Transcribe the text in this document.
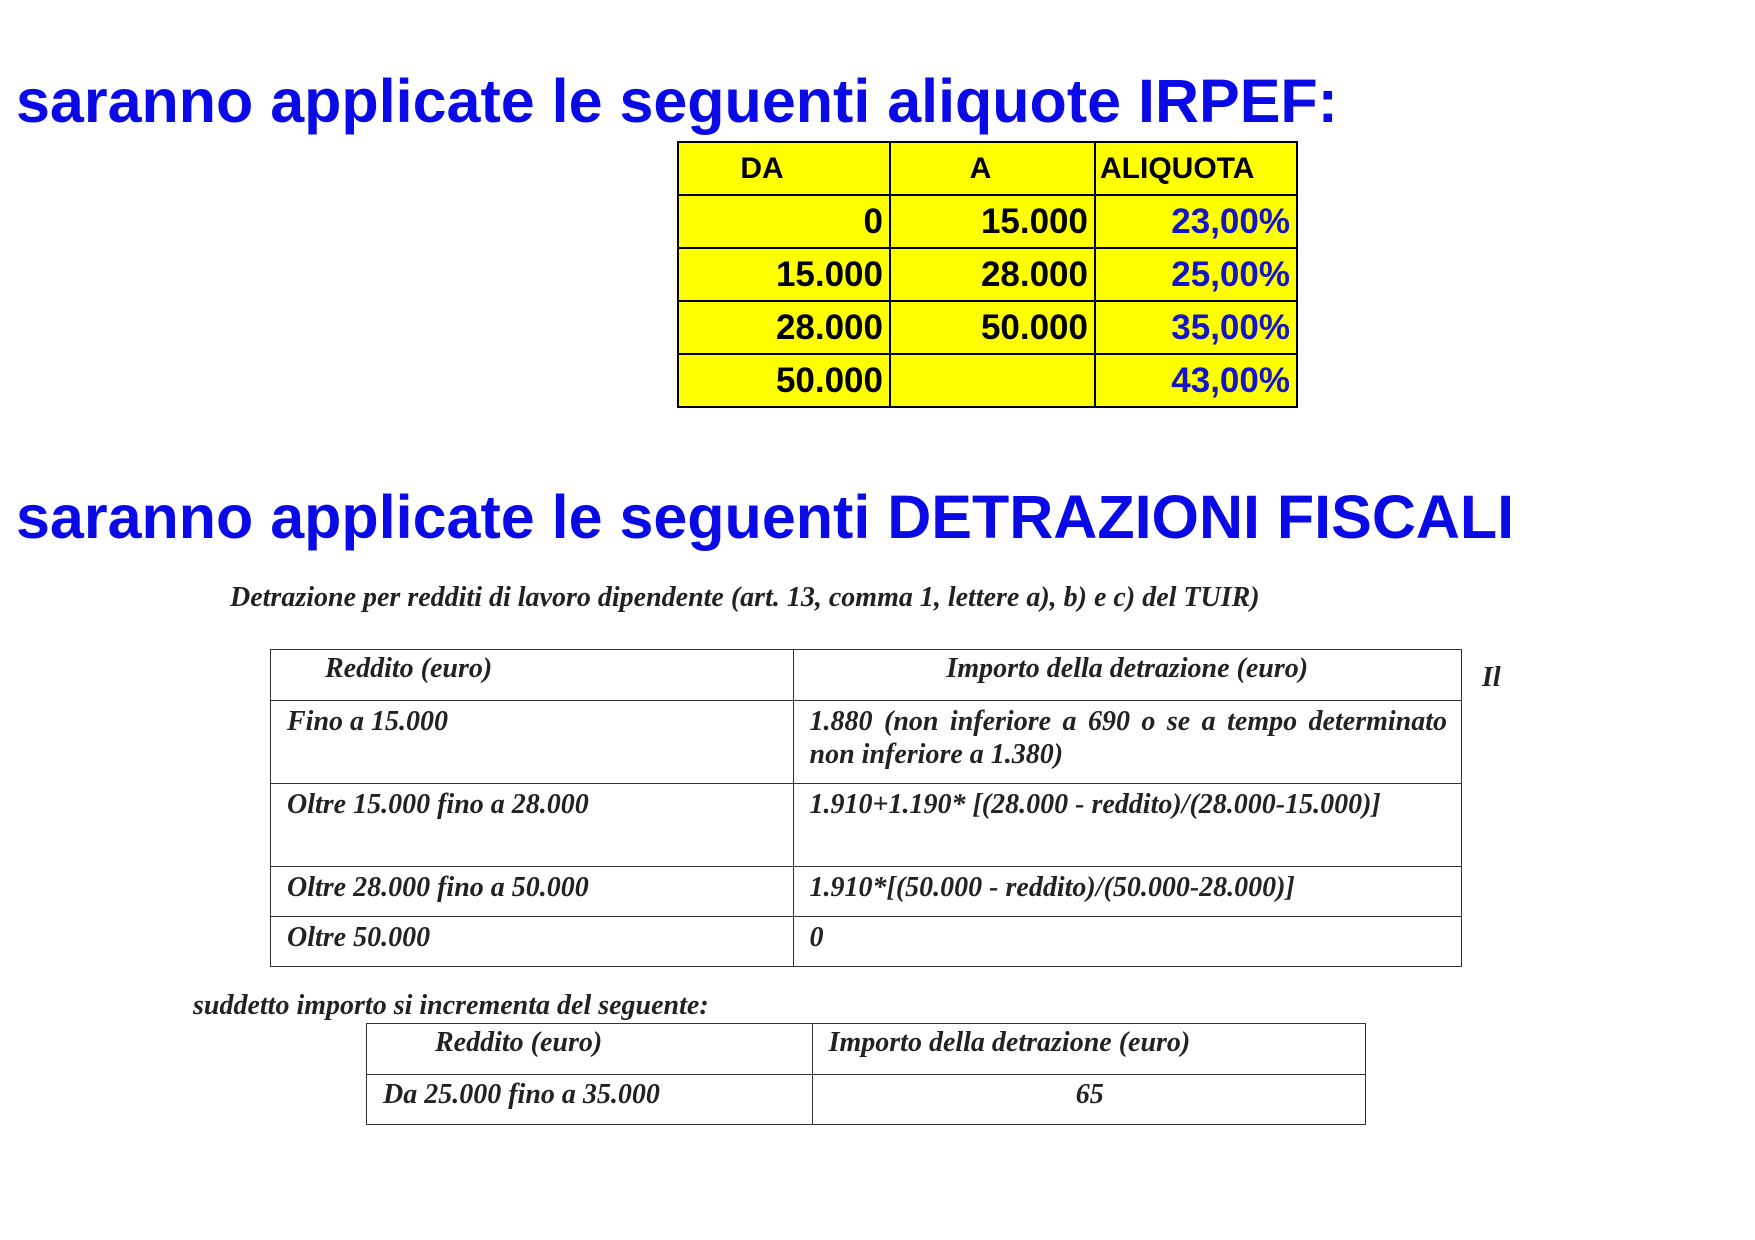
saranno applicate le seguenti aliquote IRPEF:
DA	A	ALIQUOTA
0	15.000	23,00%
15.000	28.000	25,00%
28.000	50.000	35,00%
50.000		43,00%
saranno applicate le seguenti DETRAZIONI FISCALI

Detrazione per redditi di lavoro dipendente (art. 13, comma 1, lettere a), b) e c) del TUIR)

Reddito (euro)	Importo della detrazione (euro)
Fino a 15.000	1.880 (non inferiore a 690 o se a tempo determinato non inferiore a 1.380)
Oltre 15.000 fino a 28.000	1.910+1.190* [(28.000 - reddito)/(28.000-15.000)]
Oltre 28.000 fino a 50.000	1.910*[(50.000 - reddito)/(50.000-28.000)]
Oltre 50.000	0

Il

suddetto importo si incrementa del seguente:

Reddito (euro)	Importo della detrazione (euro)
Da 25.000 fino a 35.000	65
